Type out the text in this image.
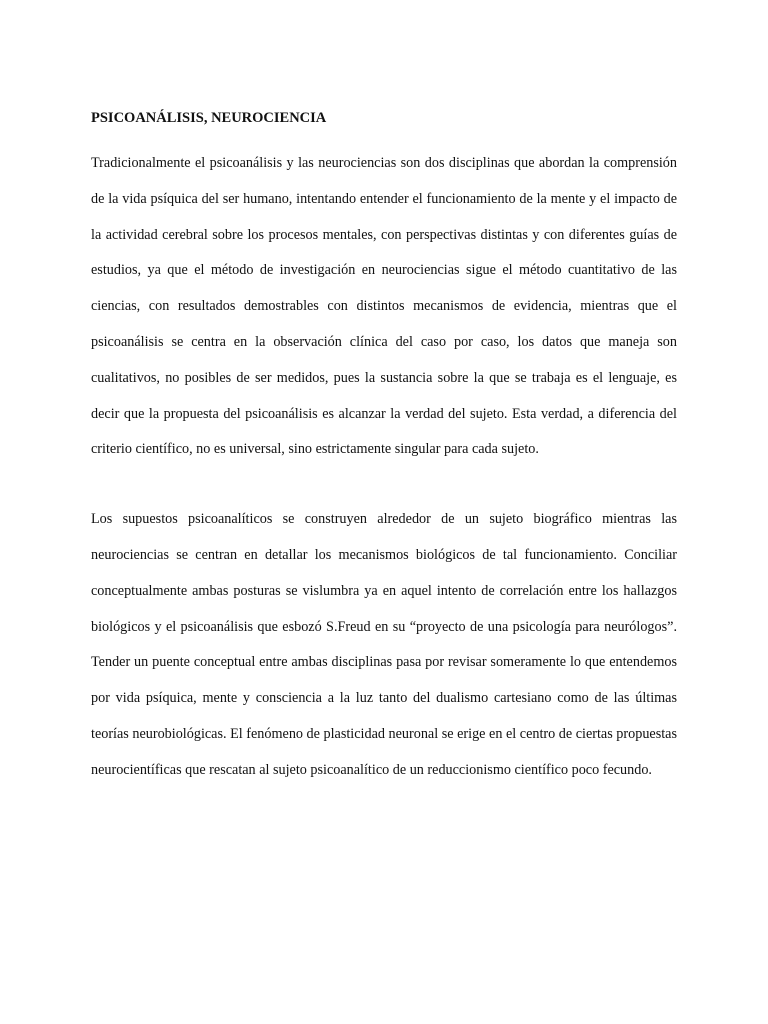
PSICOANÁLISIS, NEUROCIENCIA

Tradicionalmente el psicoanálisis y las neurociencias son dos disciplinas que abordan la comprensión de la vida psíquica del ser humano, intentando entender el funcionamiento de la mente y el impacto de la actividad cerebral sobre los procesos mentales, con perspectivas distintas y con diferentes guías de estudios, ya que el método de investigación en neurociencias sigue el método cuantitativo de las ciencias, con resultados demostrables con distintos mecanismos de evidencia, mientras que el psicoanálisis se centra en la observación clínica del caso por caso, los datos que maneja son cualitativos, no posibles de ser medidos, pues la sustancia sobre la que se trabaja es el lenguaje, es decir que la propuesta del psicoanálisis es alcanzar la verdad del sujeto. Esta verdad, a diferencia del criterio científico, no es universal, sino estrictamente singular para cada sujeto.

Los supuestos psicoanalíticos se construyen alrededor de un sujeto biográfico mientras las neurociencias se centran en detallar los mecanismos biológicos de tal funcionamiento. Conciliar conceptualmente ambas posturas se vislumbra ya en aquel intento de correlación entre los hallazgos biológicos y el psicoanálisis que esbozó S.Freud en su “proyecto de una psicología para neurólogos”. Tender un puente conceptual entre ambas disciplinas pasa por revisar someramente lo que entendemos por vida psíquica, mente y consciencia a la luz tanto del dualismo cartesiano como de las últimas teorías neurobiológicas. El fenómeno de plasticidad neuronal se erige en el centro de ciertas propuestas neurocientíficas que rescatan al sujeto psicoanalítico de un reduccionismo científico poco fecundo.
